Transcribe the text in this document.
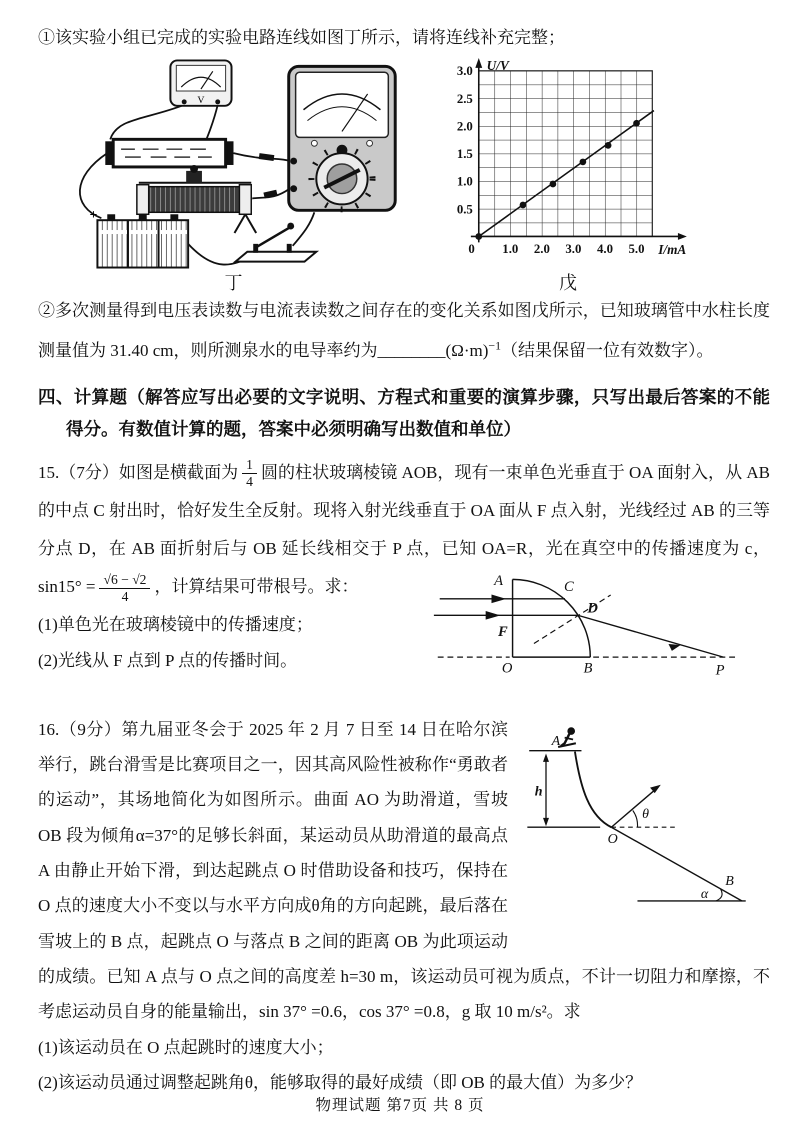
①该实验小组已完成的实验电路连线如图丁所示，请将连线补充完整；

V
+
丁
U/V
I/mA
1.0 2.0 3.0 4.0 5.0
0.5
1.0
1.5
2.0
2.5
3.0
0
戊

②多次测量得到电压表读数与电流表读数之间存在的变化关系如图戊所示，已知玻璃管中水柱长度测量值为 31.40 cm，则所测泉水的电导率约为$\_\_\_\_\_\_\_\_(\Omega\cdot m)^{-1}$（结果保留一位有效数字）。

四、计算题（解答应写出必要的文字说明、方程式和重要的演算步骤，只写出最后答案的不能得分。有数值计算的题，答案中必须明确写出数值和单位）

15.（7分）如图是横截面为 $\frac{1}{4}$ 圆的柱状玻璃棱镜 AOB，现有一束单色光垂直于 OA 面射入，从 AB 的中点 C 射出时，恰好发生全反射。现将入射光线垂直于 OA 面从 F 点入射，光线经过 AB 的三等分点 D，在 AB 面折射后与 OB 延长线相交于 P 点，已知 OA=R，光在真空中的
A	C
D
F
O	B	P
传播速度为 c，$\sin 15^\circ = \frac{√6 - √2}{4}$ ，计算结果可带根号。求：

(1)单色光在玻璃棱镜中的传播速度；

(2)光线从 F 点到 P 点的传播时间。

h
θ
α
B
O
A

16.（9分）第九届亚冬会于 2025 年 2 月 7 日至 14 日在哈尔滨举行，跳台滑雪是比赛项目之一，因其高风险性被称作“勇敢者的运动”，其场地简化为如图所示。曲面 AO 为助滑道，雪坡 OB 段为倾角α=37°的足够长斜面，某运动员从助滑道的最高点 A 由静止开始下滑，到达起跳点 O 时借助设备和技巧，保持在 O 点的速度大小不变以与水平方向成θ角的方向起跳，最后落在雪坡上的 B 点，起跳点 O 与落点 B 之间的距离 OB 为此项运动的成绩。已知 A 点与 O 点之间的高度差 h=30 m，该运动员可视为质点，不计一切阻力和摩擦，不考虑运动员自身的能量输出，sin 37° =0.6，cos 37° =0.8，g 取 10 m/s²。求

(1)该运动员在 O 点起跳时的速度大小；

(2)该运动员通过调整起跳角θ，能够取得的最好成绩（即 OB 的最大值）为多少？

物理试题 第7页 共 8 页
